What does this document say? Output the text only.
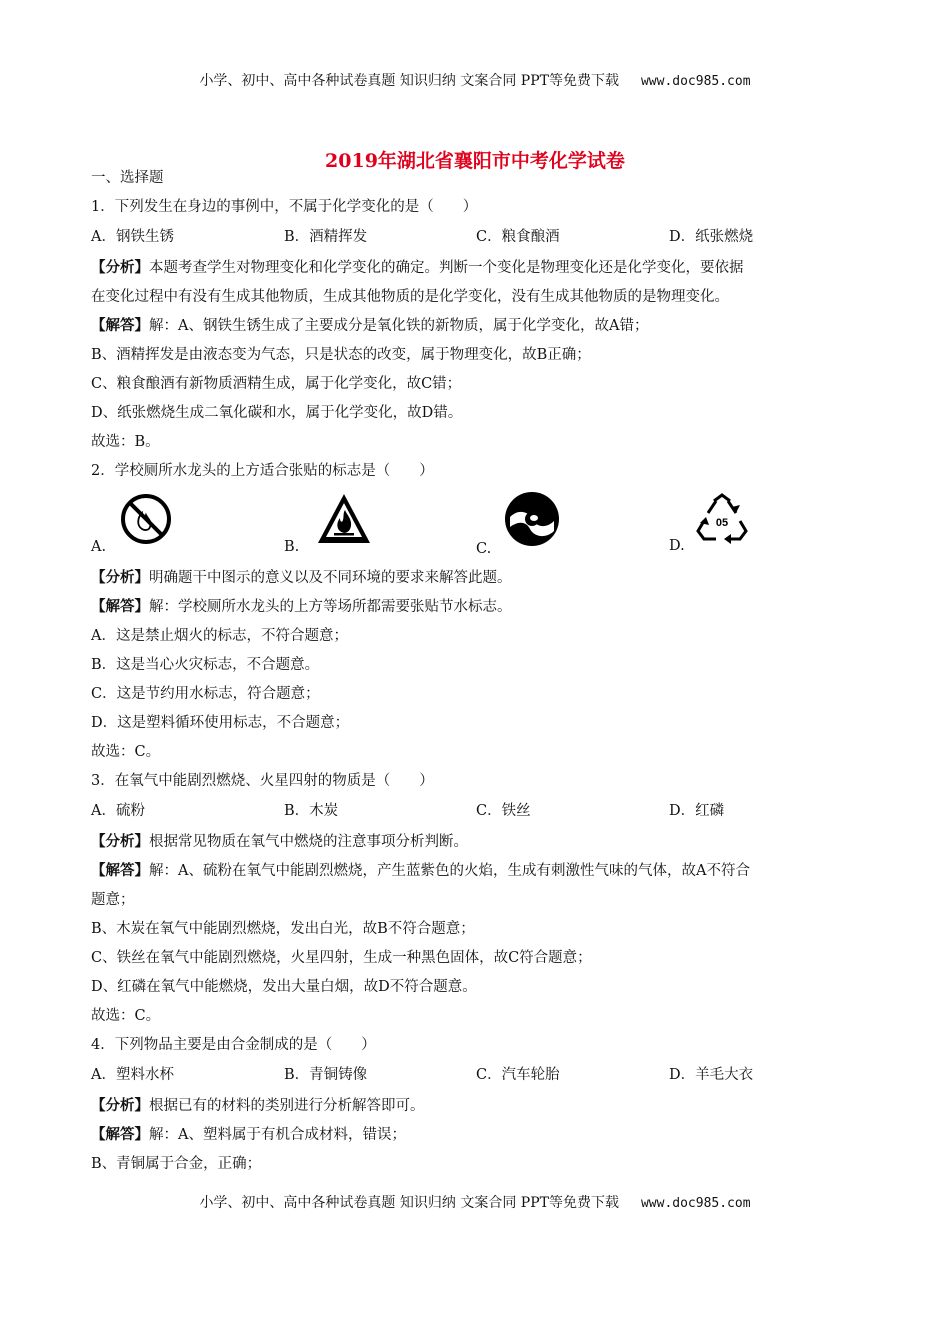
小学、初中、高中各种试卷真题 知识归纳 文案合同 PPT等免费下载 www.doc985.com
2019年湖北省襄阳市中考化学试卷
一、选择题
1．下列发生在身边的事例中，不属于化学变化的是（　　）
A．钢铁生锈	B．酒精挥发	C．粮食酿酒	D．纸张燃烧
【分析】本题考查学生对物理变化和化学变化的确定。判断一个变化是物理变化还是化学变化，要依据
在变化过程中有没有生成其他物质，生成其他物质的是化学变化，没有生成其他物质的是物理变化。
【解答】解：A、钢铁生锈生成了主要成分是氧化铁的新物质，属于化学变化，故A错；
B、酒精挥发是由液态变为气态，只是状态的改变，属于物理变化，故B正确；
C、粮食酿酒有新物质酒精生成，属于化学变化，故C错；
D、纸张燃烧生成二氧化碳和水，属于化学变化，故D错。
故选：B。
2．学校厕所水龙头的上方适合张贴的标志是（　　）
A.	B.	C.
05
D.
【分析】明确题干中图示的意义以及不同环境的要求来解答此题。
【解答】解：学校厕所水龙头的上方等场所都需要张贴节水标志。
A．这是禁止烟火的标志，不符合题意；
B．这是当心火灾标志，不合题意。
C．这是节约用水标志，符合题意；
D．这是塑料循环使用标志，不合题意；
故选：C。
3．在氧气中能剧烈燃烧、火星四射的物质是（　　）
A．硫粉	B．木炭	C．铁丝	D．红磷
【分析】根据常见物质在氧气中燃烧的注意事项分析判断。
【解答】解：A、硫粉在氧气中能剧烈燃烧，产生蓝紫色的火焰，生成有刺激性气味的气体，故A不符合
题意；
B、木炭在氧气中能剧烈燃烧，发出白光，故B不符合题意；
C、铁丝在氧气中能剧烈燃烧，火星四射，生成一种黑色固体，故C符合题意；
D、红磷在氧气中能燃烧，发出大量白烟，故D不符合题意。
故选：C。
4．下列物品主要是由合金制成的是（　　）
A．塑料水杯	B．青铜铸像	C．汽车轮胎	D．羊毛大衣
【分析】根据已有的材料的类别进行分析解答即可。
【解答】解：A、塑料属于有机合成材料，错误；
B、青铜属于合金，正确；
小学、初中、高中各种试卷真题 知识归纳 文案合同 PPT等免费下载 www.doc985.com
